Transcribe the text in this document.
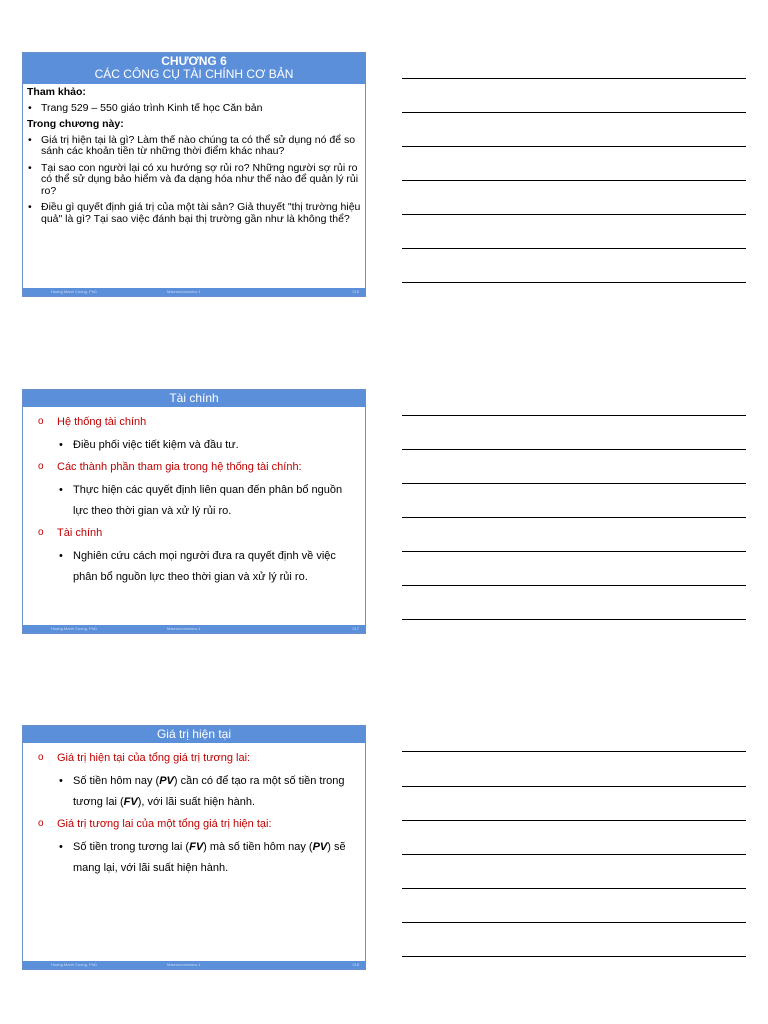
CHƯƠNG 6
CÁC CÔNG CỤ TÀI CHÍNH CƠ BẢN
Tham khảo:
• Trang 529 – 550 giáo trình Kinh tế học Căn bản
Trong chương này:
• Giá trị hiện tại là gì? Làm thế nào chúng ta có thể sử dụng nó để so sánh các khoản tiền từ những thời điểm khác nhau?
• Tại sao con người lại có xu hướng sợ rủi ro? Những người sợ rủi ro có thể sử dụng bảo hiểm và đa dạng hóa như thế nào để quản lý rủi ro?
• Điều gì quyết định giá trị của một tài sản? Giả thuyết "thị trường hiệu quả" là gì? Tại sao việc đánh bại thị trường gần như là không thể?
Hoang Manh Cuong, PhD	Macroeconomics 1	216
Tài chính
o Hệ thống tài chính
• Điều phối việc tiết kiệm và đầu tư.
o Các thành phần tham gia trong hệ thống tài chính:
• Thực hiện các quyết định liên quan đến phân bổ nguồn lực theo thời gian và xử lý rủi ro.
o Tài chính
• Nghiên cứu cách mọi người đưa ra quyết định về việc phân bổ nguồn lực theo thời gian và xử lý rủi ro.
Hoang Manh Cuong, PhD	Macroeconomics 1	217
Giá trị hiện tại
o Giá trị hiện tại của tổng giá trị tương lai:
• Số tiền hôm nay (PV) cần có để tạo ra một số tiền trong tương lai (FV), với lãi suất hiện hành.
o Giá trị tương lai của một tổng giá trị hiện tại:
• Số tiền trong tương lai (FV) mà số tiền hôm nay (PV) sẽ mang lại, với lãi suất hiện hành.
Hoang Manh Cuong, PhD	Macroeconomics 1	218
